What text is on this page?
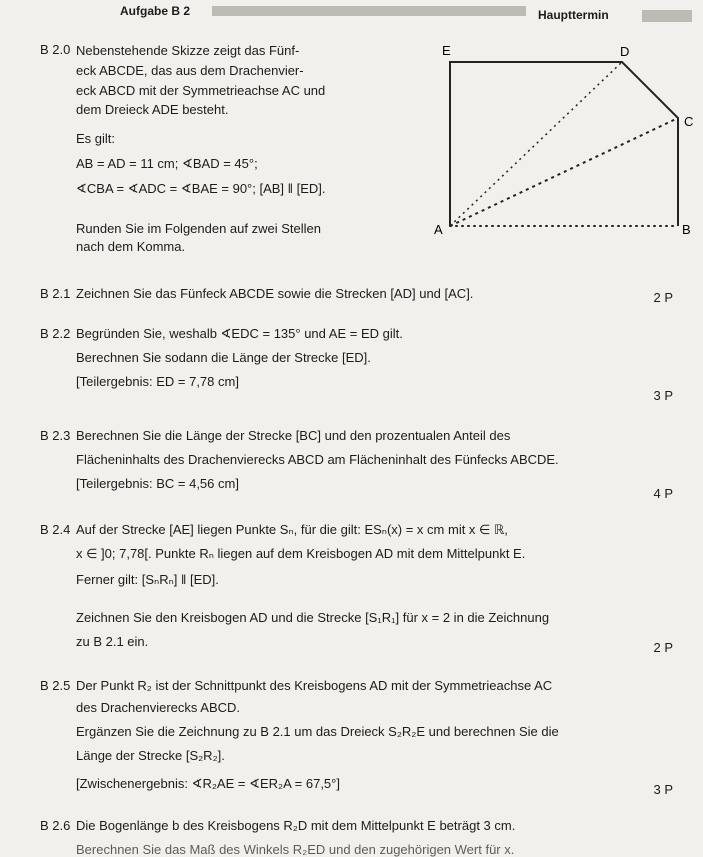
Aufgabe B 2	Haupttermin
B 2.0 Nebenstehende Skizze zeigt das Fünf-
eck ABCDE, das aus dem Drachenvier-
eck ABCD mit der Symmetrieachse AC und
dem Dreieck ADE besteht.
Es gilt:
AB = AD = 11 cm; ∢BAD = 45°;
∢CBA = ∢ADC = ∢BAE = 90°; [AB] ‖ [ED].
Runden Sie im Folgenden auf zwei Stellen
nach dem Komma.
E	D
C
A	B
B 2.1 Zeichnen Sie das Fünfeck ABCDE sowie die Strecken [AD] und [AC].	2 P
B 2.2 Begründen Sie, weshalb ∢EDC = 135° und AE = ED gilt.
Berechnen Sie sodann die Länge der Strecke [ED].
[Teilergebnis: ED = 7,78 cm]
3 P
B 2.3 Berechnen Sie die Länge der Strecke [BC] und den prozentualen Anteil des
Flächeninhalts des Drachenvierecks ABCD am Flächeninhalt des Fünfecks ABCDE.
[Teilergebnis: BC = 4,56 cm]
4 P
B 2.4 Auf der Strecke [AE] liegen Punkte Sₙ, für die gilt: ESₙ(x) = x cm mit x ∈ ℝ,
x ∈ ]0; 7,78[. Punkte Rₙ liegen auf dem Kreisbogen AD mit dem Mittelpunkt E.
Ferner gilt: [SₙRₙ] ‖ [ED].
Zeichnen Sie den Kreisbogen AD und die Strecke [S₁R₁] für x = 2 in die Zeichnung
zu B 2.1 ein.	2 P
B 2.5 Der Punkt R₂ ist der Schnittpunkt des Kreisbogens AD mit der Symmetrieachse AC
des Drachenvierecks ABCD.
Ergänzen Sie die Zeichnung zu B 2.1 um das Dreieck S₂R₂E und berechnen Sie die
Länge der Strecke [S₂R₂].
[Zwischenergebnis: ∢R₂AE = ∢ER₂A = 67,5°]	3 P
B 2.6 Die Bogenlänge b des Kreisbogens R₂D mit dem Mittelpunkt E beträgt 3 cm.
Berechnen Sie das Maß des Winkels R₂ED und den zugehörigen Wert für x.
